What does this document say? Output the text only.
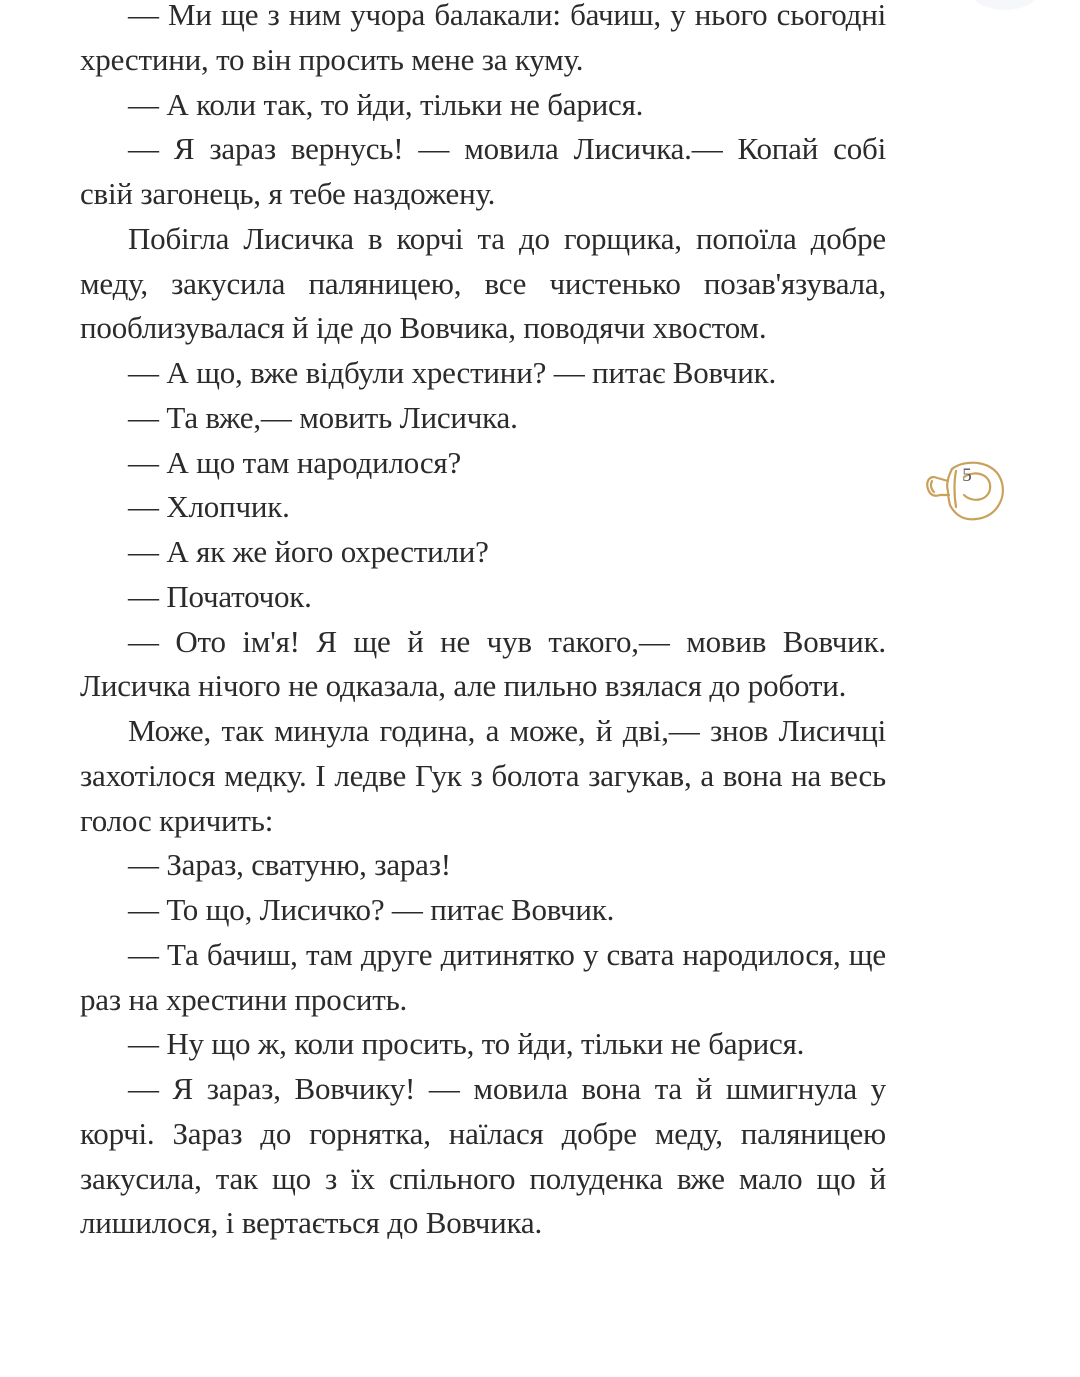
— Ми ще з ним учора балакали: бачиш, у нього сьогодні хрестини, то він просить мене за куму.

— А коли так, то йди, тільки не барися.

— Я зараз вернусь! — мовила Лисичка.— Копай собі свій загонець, я тебе наздожену.

Побігла Лисичка в корчі та до горщика, попоїла добре меду, закусила паляницею, все чистенько позав'язувала, пооблизувалася й іде до Вовчика, поводячи хвостом.

— А що, вже відбули хрестини? — питає Вовчик.

— Та вже,— мовить Лисичка.

— А що там народилося?

— Хлопчик.

— А як же його охрестили?

— Початочок.

— Ото ім'я! Я ще й не чув такого,— мовив Вовчик. Лисичка нічого не одказала, але пильно взялася до роботи.

Може, так минула година, а може, й дві,— знов Лисичці захотілося медку. І ледве Гук з болота загукав, а вона на весь голос кричить:

— Зараз, сватуню, зараз!

— То що, Лисичко? — питає Вовчик.

— Та бачиш, там друге дитинятко у свата народилося, ще раз на хрестини просить.

— Ну що ж, коли просить, то йди, тільки не барися.

— Я зараз, Вовчику! — мовила вона та й шмигнула у корчі. Зараз до горнятка, наїлася добре меду, паляницею закусила, так що з їх спільного полуденка вже мало що й лишилося, і вертається до Вовчика.

5
